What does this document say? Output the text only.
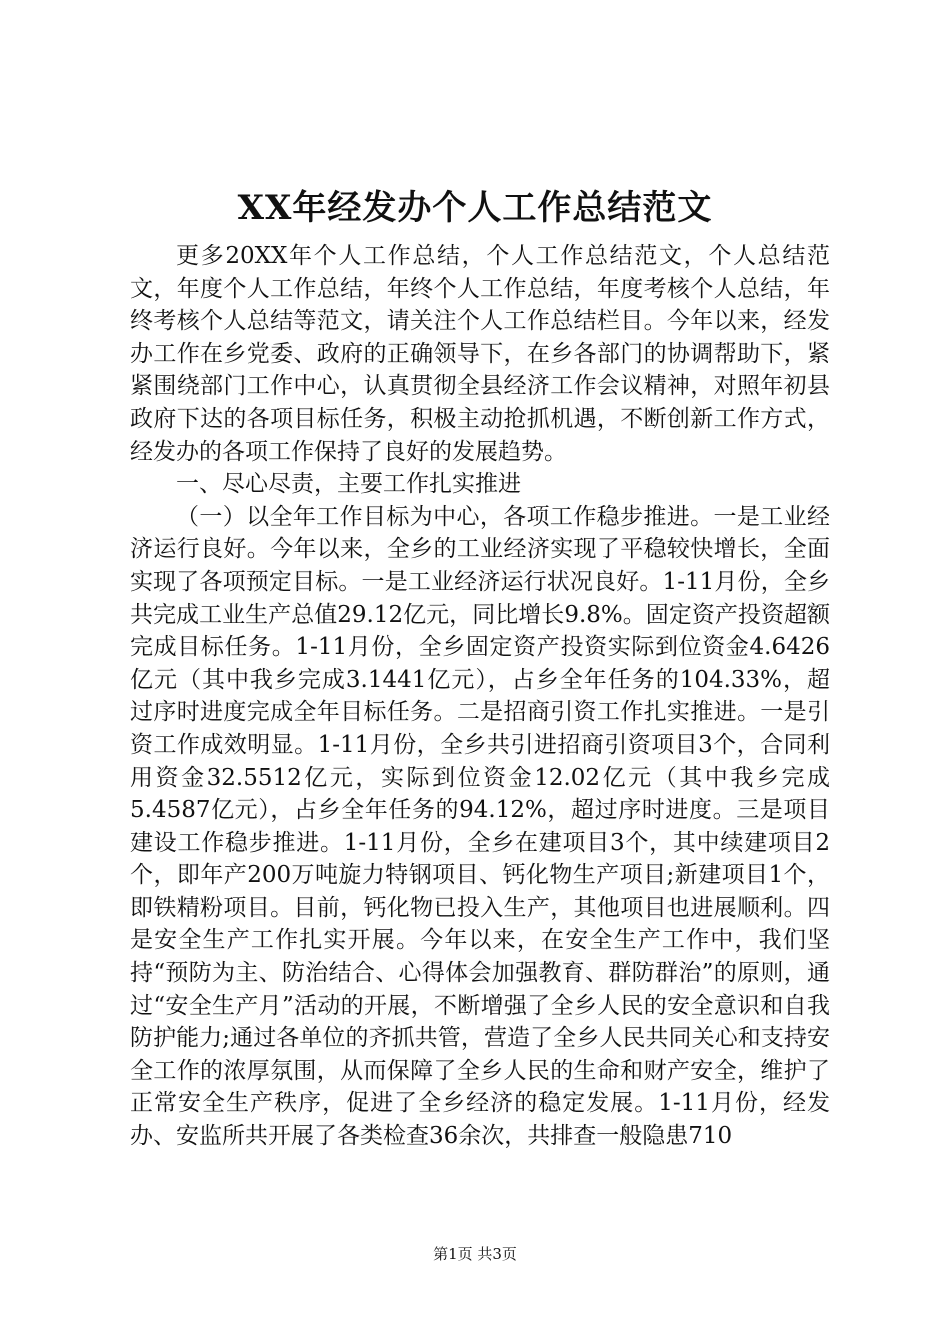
XX年经发办个人工作总结范文

更多20XX年个人工作总结，个人工作总结范文，个人总结范文，年度个人工作总结，年终个人工作总结，年度考核个人总结，年终考核个人总结等范文，请关注个人工作总结栏目。今年以来，经发办工作在乡党委、政府的正确领导下，在乡各部门的协调帮助下，紧紧围绕部门工作中心，认真贯彻全县经济工作会议精神，对照年初县政府下达的各项目标任务，积极主动抢抓机遇，不断创新工作方式，经发办的各项工作保持了良好的发展趋势。

一、尽心尽责，主要工作扎实推进

（一）以全年工作目标为中心，各项工作稳步推进。一是工业经济运行良好。今年以来，全乡的工业经济实现了平稳较快增长，全面实现了各项预定目标。一是工业经济运行状况良好。1-11月份，全乡共完成工业生产总值29.12亿元，同比增长9.8%。固定资产投资超额完成目标任务。1-11月份，全乡固定资产投资实际到位资金4.6426亿元（其中我乡完成3.1441亿元），占乡全年任务的104.33%，超过序时进度完成全年目标任务。二是招商引资工作扎实推进。一是引资工作成效明显。1-11月份，全乡共引进招商引资项目3个，合同利用资金32.5512亿元，实际到位资金12.02亿元（其中我乡完成5.4587亿元），占乡全年任务的94.12%，超过序时进度。三是项目建设工作稳步推进。1-11月份，全乡在建项目3个，其中续建项目2个，即年产200万吨旋力特钢项目、钙化物生产项目;新建项目1个，即铁精粉项目。目前，钙化物已投入生产，其他项目也进展顺利。四是安全生产工作扎实开展。今年以来，在安全生产工作中，我们坚持“预防为主、防治结合、心得体会加强教育、群防群治”的原则，通过“安全生产月”活动的开展，不断增强了全乡人民的安全意识和自我防护能力;通过各单位的齐抓共管，营造了全乡人民共同关心和支持安全工作的浓厚氛围，从而保障了全乡人民的生命和财产安全，维护了正常安全生产秩序，促进了全乡经济的稳定发展。1-11月份，经发办、安监所共开展了各类检查36余次，共排查一般隐患710

第1页 共3页
